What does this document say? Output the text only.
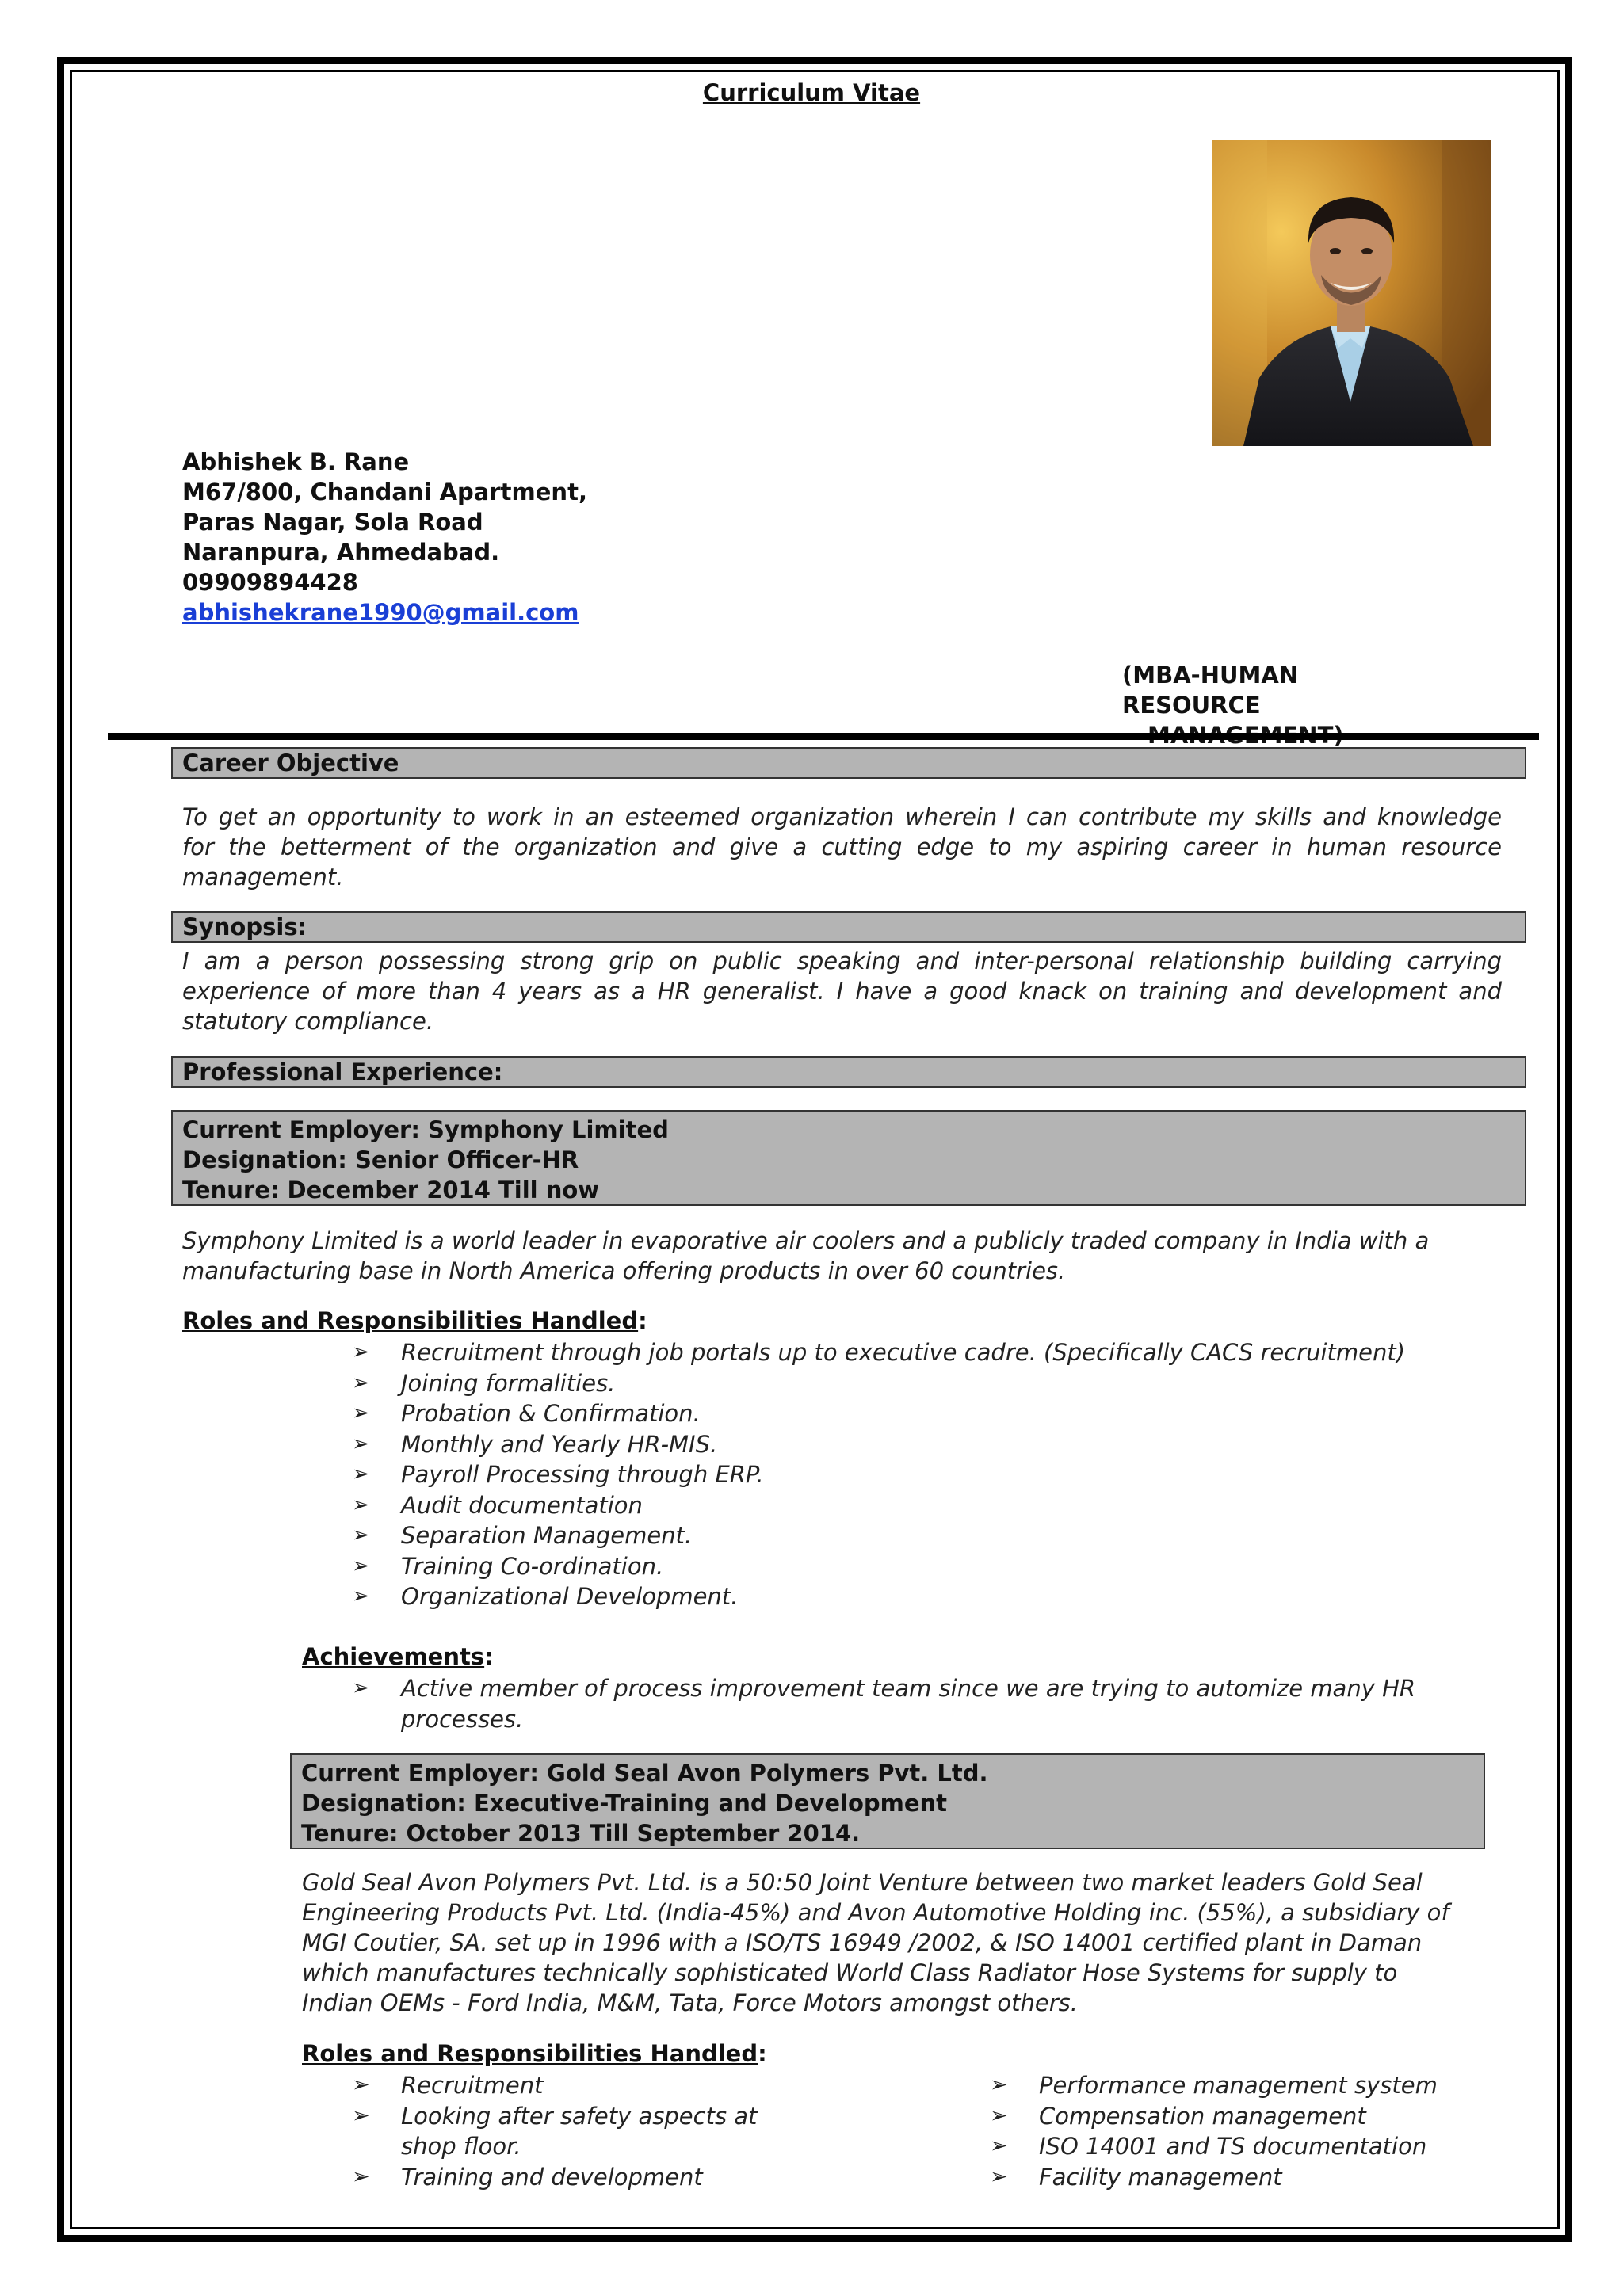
Curriculum Vitae
Abhishek B. Rane
M67/800, Chandani Apartment,
Paras Nagar, Sola Road
Naranpura, Ahmedabad.
09909894428
abhishekrane1990@gmail.com
(MBA-HUMAN RESOURCE
Career Objective
To get an opportunity to work in an esteemed organization wherein I can contribute my skills and knowledge
for the betterment of the organization and give a cutting edge to my aspiring career in human resource
management.
Synopsis:
I am a person possessing strong grip on public speaking and inter-personal relationship building carrying
experience of more than 4 years as a HR generalist. I have a good knack on training and development and
statutory compliance.
Professional Experience:
Current Employer: Symphony Limited
Designation: Senior Officer-HR
Tenure: December 2014 Till now
Symphony Limited is a world leader in evaporative air coolers and a publicly traded company in India with a
manufacturing base in North America offering products in over 60 countries.
Roles and Responsibilities Handled:
➢	Recruitment through job portals up to executive cadre. (Specifically CACS recruitment)
➢	Joining formalities.
➢	Probation & Confirmation.
➢	Monthly and Yearly HR-MIS.
➢	Payroll Processing through ERP.
➢	Audit documentation
➢	Separation Management.
➢	Training Co-ordination.
➢	Organizational Development.
Achievements:
➢	Active member of process improvement team since we are trying to automize many HR
processes.
Current Employer: Gold Seal Avon Polymers Pvt. Ltd.
Designation: Executive-Training and Development
Tenure: October 2013 Till September 2014.
Gold Seal Avon Polymers Pvt. Ltd. is a 50:50 Joint Venture between two market leaders Gold Seal
Engineering Products Pvt. Ltd. (India-45%) and Avon Automotive Holding inc. (55%), a subsidiary of
MGI Coutier, SA. set up in 1996 with a ISO/TS 16949 /2002, & ISO 14001 certified plant in Daman
which manufactures technically sophisticated World Class Radiator Hose Systems for supply to
Indian OEMs - Ford India, M&M, Tata, Force Motors amongst others.
Roles and Responsibilities Handled:
➢	Recruitment
➢	Looking after safety aspects at
shop floor.
➢	Training and development
➢	Performance management system
➢	Compensation management
➢	ISO 14001 and TS documentation
➢	Facility management
